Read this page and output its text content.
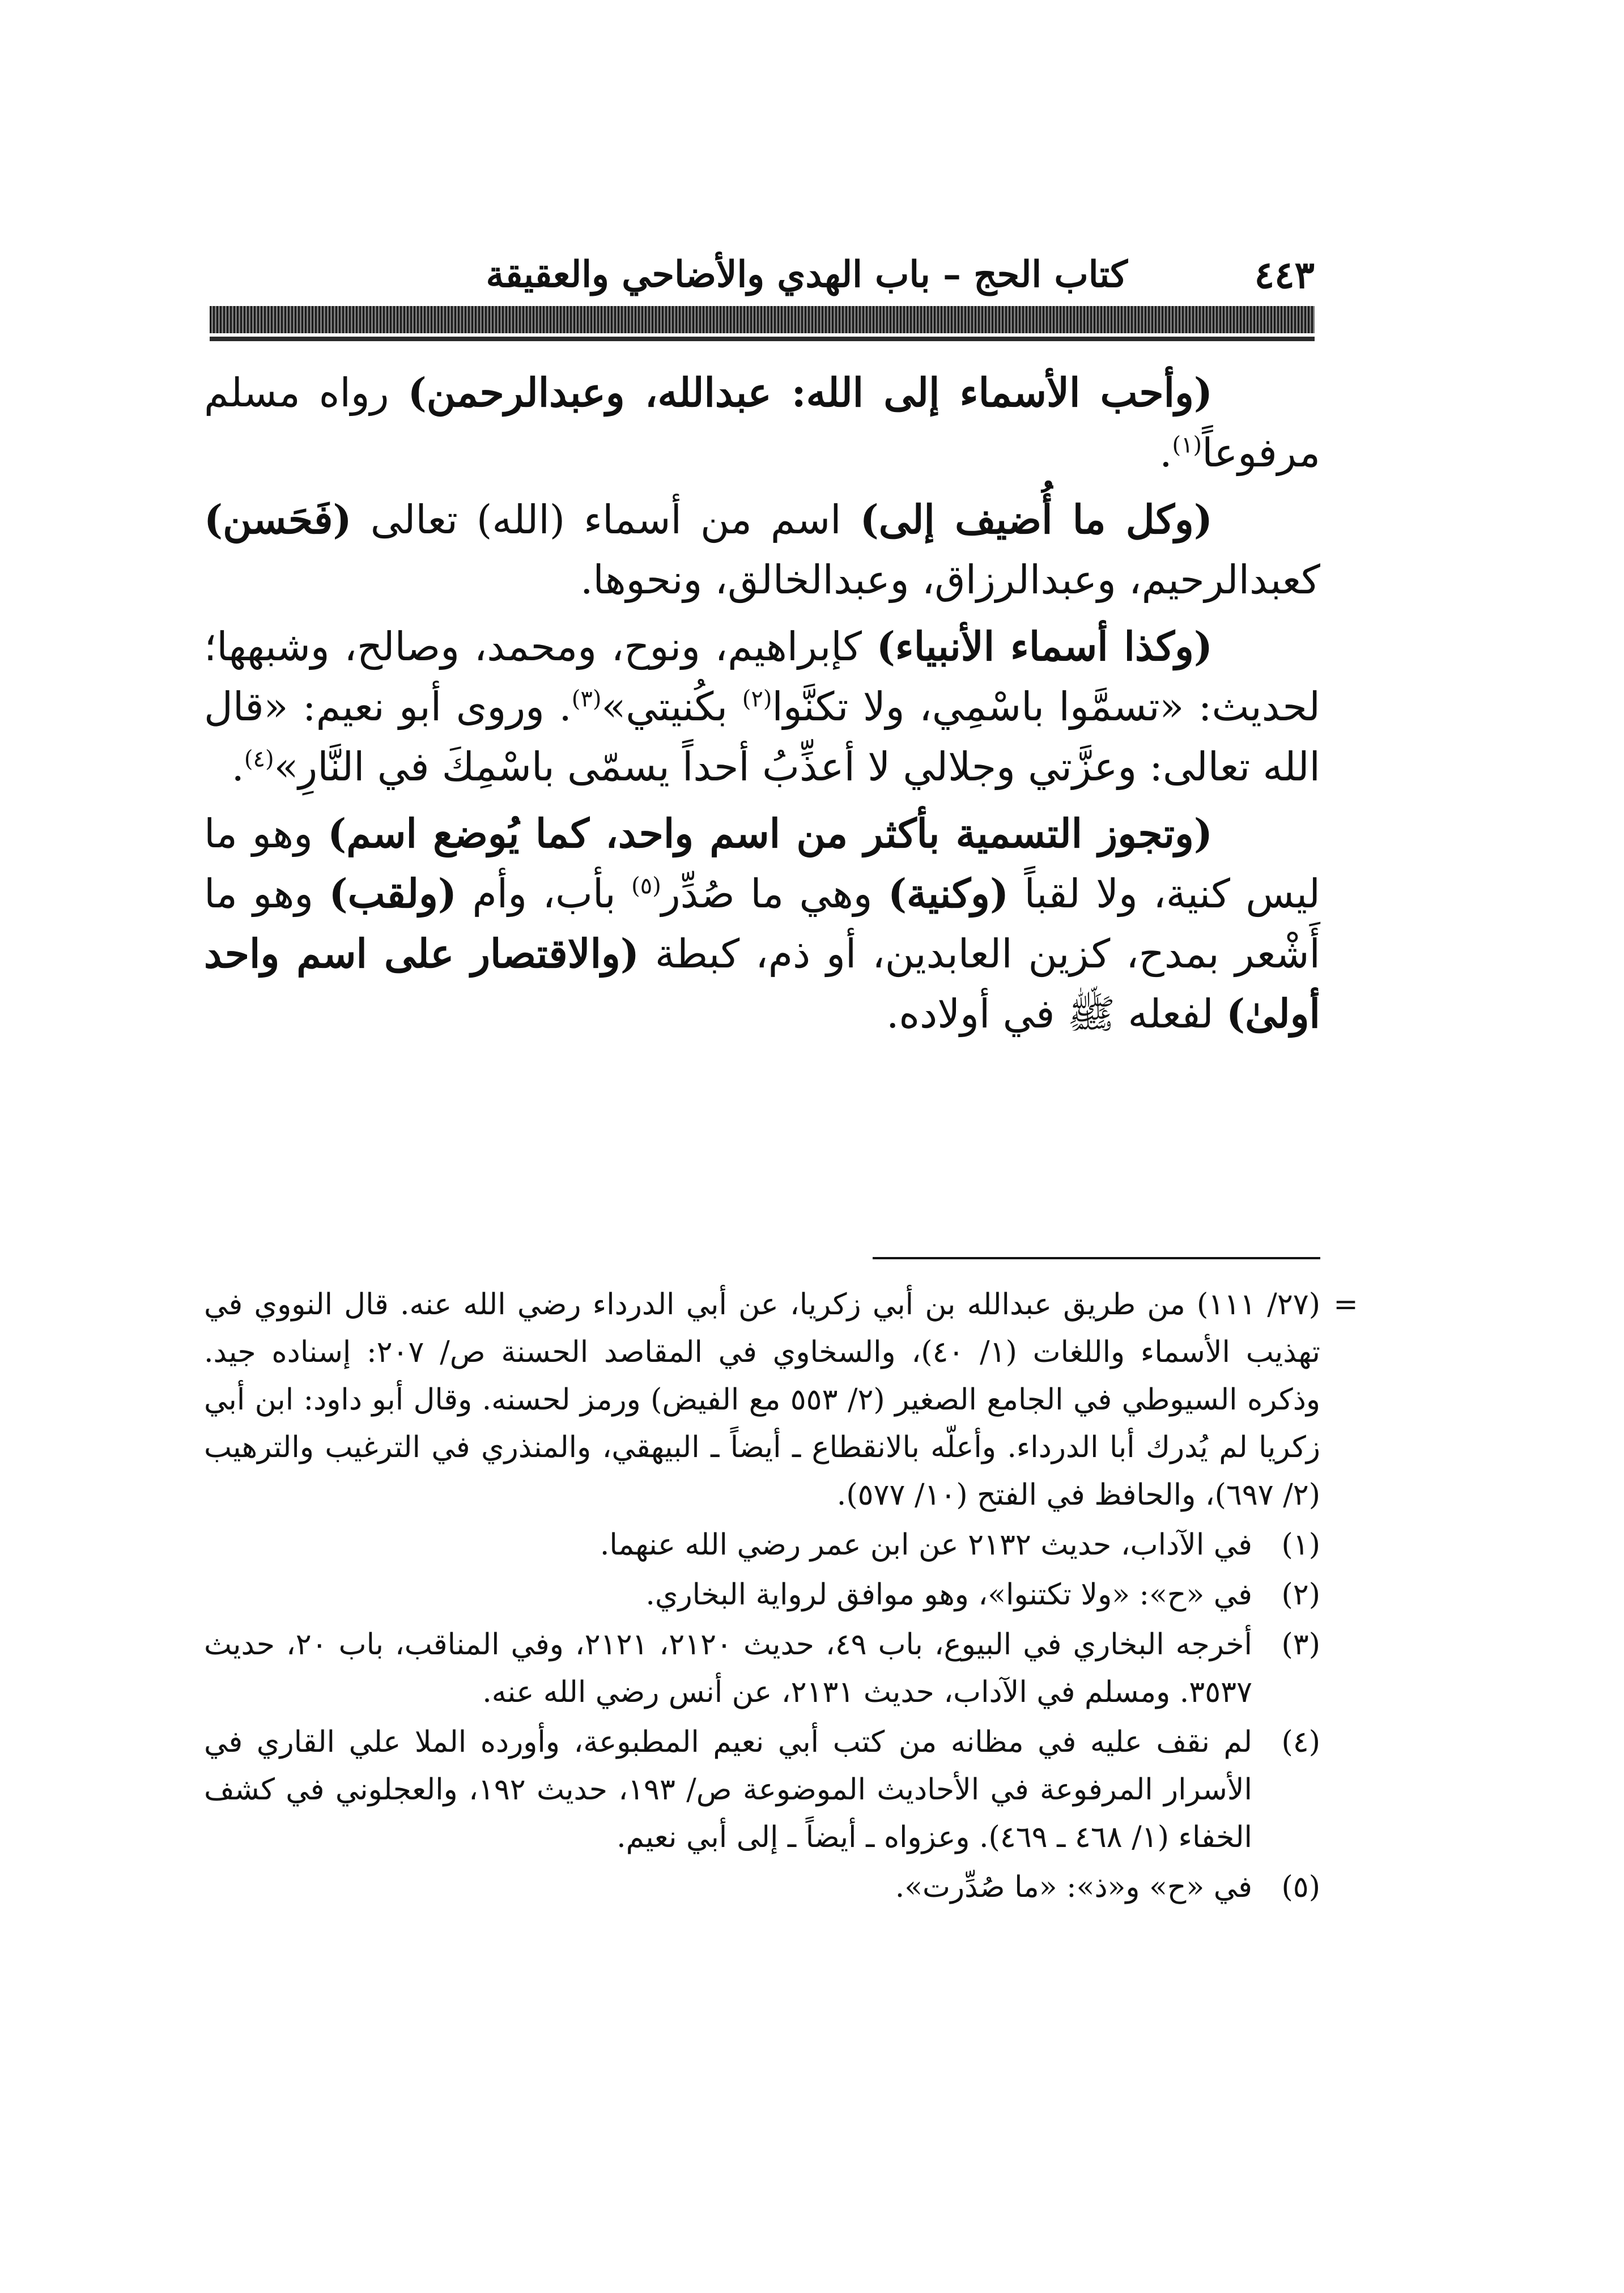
كتاب الحج – باب الهدي والأضاحي والعقيقة	٤٤٣

(وأحب الأسماء إلى الله: عبدالله، وعبدالرحمن) رواه مسلم مرفوعاً$^{(١)}$.

(وكل ما أُضيف إلى) اسم من أسماء (الله) تعالى (فَحَسن) كعبدالرحيم، وعبدالرزاق، وعبدالخالق، ونحوها.

(وكذا أسماء الأنبياء) كإبراهيم، ونوح، ومحمد، وصالح، وشبهها؛ لحديث: «تسمَّوا باسْمِي، ولا تكنَّوا$^{(٢)}$ بكُنيتي»$^{(٣)}$. وروى أبو نعيم: «قال الله تعالى: وعزَّتي وجلالي لا أعذِّبُ أحداً يسمّى باسْمِكَ في النَّارِ»$^{(٤)}$.

(وتجوز التسمية بأكثر من اسم واحد، كما يُوضع اسم) وهو ما ليس كنية، ولا لقباً (وكنية) وهي ما صُدِّر$^{(٥)}$ بأب، وأم (ولقب) وهو ما أَشْعر بمدح، كزين العابدين، أو ذم، كبطة (والاقتصار على اسم واحد أولىٰ) لفعله ﷺ في أولاده.

=
(٢٧/ ١١١) من طريق عبدالله بن أبي زكريا، عن أبي الدرداء رضي الله عنه. قال النووي في تهذيب الأسماء واللغات (١/ ٤٠)، والسخاوي في المقاصد الحسنة ص/ ٢٠٧: إسناده جيد. وذكره السيوطي في الجامع الصغير (٢/ ٥٥٣ مع الفيض) ورمز لحسنه. وقال أبو داود: ابن أبي زكريا لم يُدرك أبا الدرداء. وأعلّه بالانقطاع ـ أيضاً ـ البيهقي، والمنذري في الترغيب والترهيب (٢/ ٦٩٧)، والحافظ في الفتح (١٠/ ٥٧٧).

(١)
في الآداب، حديث ٢١٣٢ عن ابن عمر رضي الله عنهما.

(٢)
في «ح»: «ولا تكتنوا»، وهو موافق لرواية البخاري.

(٣)
أخرجه البخاري في البيوع، باب ٤٩، حديث ٢١٢٠، ٢١٢١، وفي المناقب، باب ٢٠، حديث ٣٥٣٧. ومسلم في الآداب، حديث ٢١٣١، عن أنس رضي الله عنه.

(٤)
لم نقف عليه في مظانه من كتب أبي نعيم المطبوعة، وأورده الملا علي القاري في الأسرار المرفوعة في الأحاديث الموضوعة ص/ ١٩٣، حديث ١٩٢، والعجلوني في كشف الخفاء (١/ ٤٦٨ ـ ٤٦٩). وعزواه ـ أيضاً ـ إلى أبي نعيم.

(٥)
في «ح» و«ذ»: «ما صُدِّرت».
